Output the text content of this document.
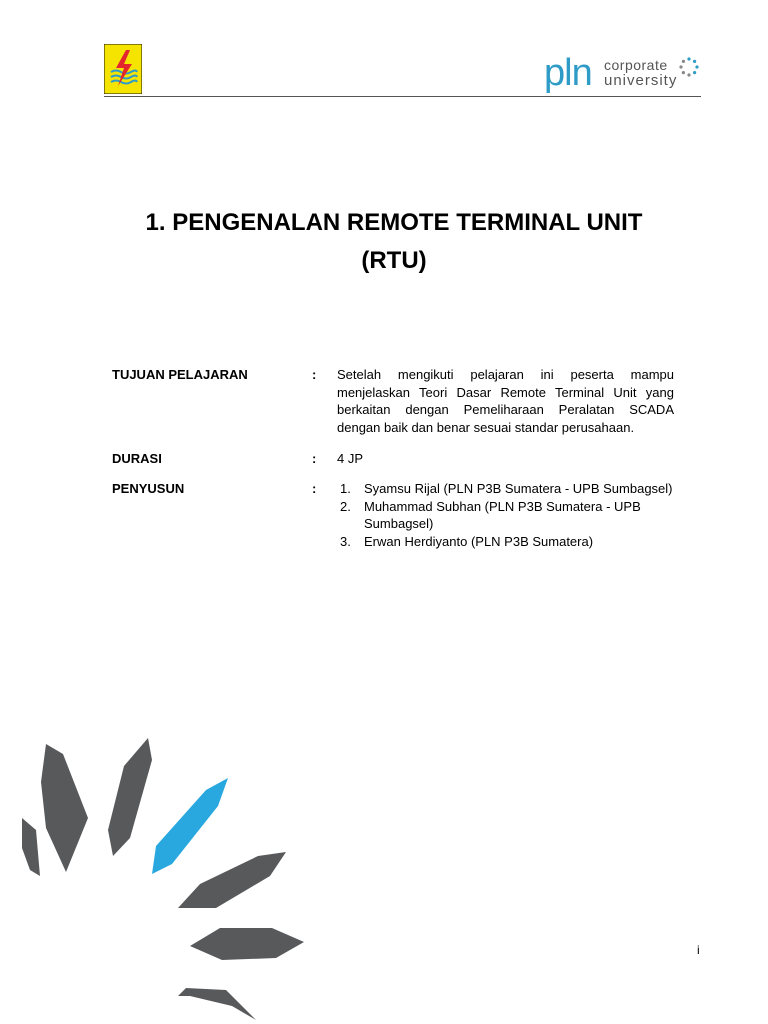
pln corporate
university
1. PENGENALAN REMOTE TERMINAL UNIT
(RTU)
TUJUAN PELAJARAN	: Setelah mengikuti pelajaran ini peserta mampu menjelaskan Teori Dasar Remote Terminal Unit yang berkaitan dengan Pemeliharaan Peralatan SCADA dengan baik dan benar sesuai standar perusahaan.
DURASI	: 4 JP
PENYUSUN	: 1. Syamsu Rijal (PLN P3B Sumatera - UPB Sumbagsel)
2. Muhammad Subhan (PLN P3B Sumatera - UPB Sumbagsel)
3. Erwan Herdiyanto (PLN P3B Sumatera)
i
